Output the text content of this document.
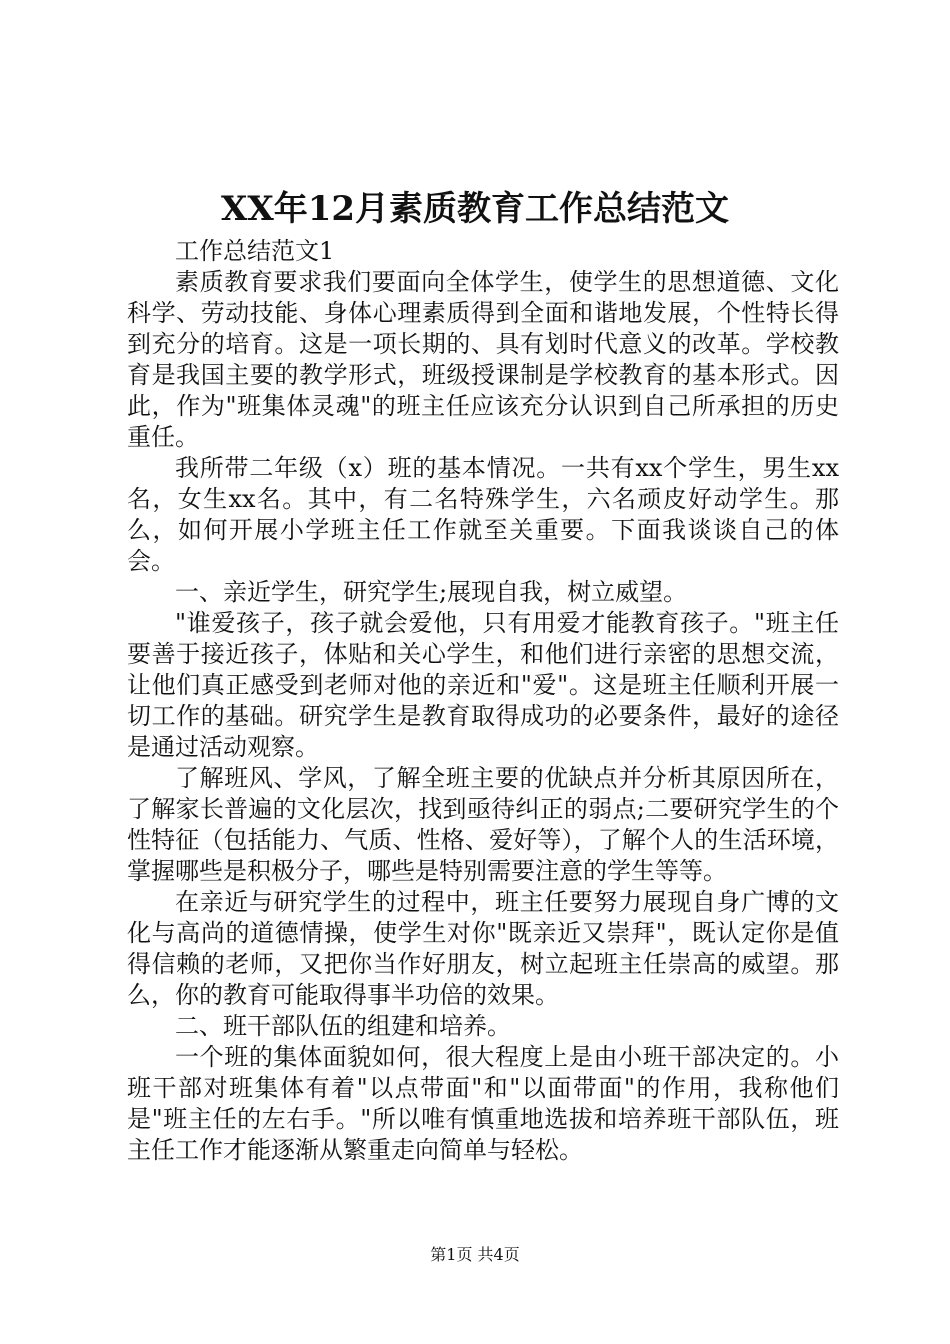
XX年12月素质教育工作总结范文

工作总结范文1

素质教育要求我们要面向全体学生，使学生的思想道德、文化科学、劳动技能、身体心理素质得到全面和谐地发展，个性特长得到充分的培育。这是一项长期的、具有划时代意义的改革。学校教育是我国主要的教学形式，班级授课制是学校教育的基本形式。因此，作为"班集体灵魂"的班主任应该充分认识到自己所承担的历史重任。

我所带二年级（x）班的基本情况。一共有xx个学生，男生xx名，女生xx名。其中，有二名特殊学生，六名顽皮好动学生。那么，如何开展小学班主任工作就至关重要。下面我谈谈自己的体会。

一、亲近学生，研究学生;展现自我，树立威望。

"谁爱孩子，孩子就会爱他，只有用爱才能教育孩子。"班主任要善于接近孩子，体贴和关心学生，和他们进行亲密的思想交流，让他们真正感受到老师对他的亲近和"爱"。这是班主任顺利开展一切工作的基础。研究学生是教育取得成功的必要条件，最好的途径是通过活动观察。

了解班风、学风，了解全班主要的优缺点并分析其原因所在，了解家长普遍的文化层次，找到亟待纠正的弱点;二要研究学生的个性特征（包括能力、气质、性格、爱好等），了解个人的生活环境，掌握哪些是积极分子，哪些是特别需要注意的学生等等。

在亲近与研究学生的过程中，班主任要努力展现自身广博的文化与高尚的道德情操，使学生对你"既亲近又崇拜"，既认定你是值得信赖的老师，又把你当作好朋友，树立起班主任崇高的威望。那么，你的教育可能取得事半功倍的效果。

二、班干部队伍的组建和培养。

一个班的集体面貌如何，很大程度上是由小班干部决定的。小班干部对班集体有着"以点带面"和"以面带面"的作用，我称他们是"班主任的左右手。"所以唯有慎重地选拔和培养班干部队伍，班主任工作才能逐渐从繁重走向简单与轻松。

第1页 共4页
